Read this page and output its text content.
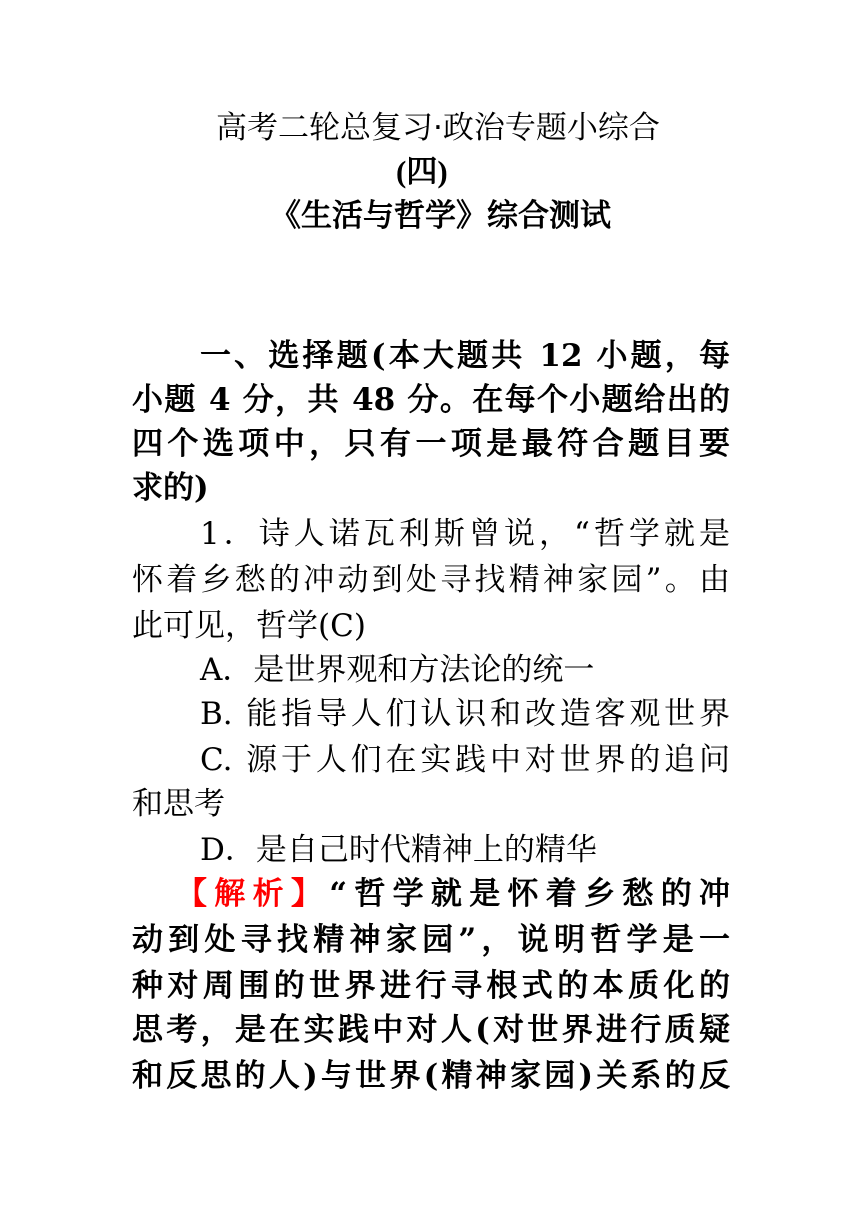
高考二轮总复习·政治专题小综合
(四)
《生活与哲学》综合测试
一、选择题(本大题共 12 小题，每
小题 4 分，共 48 分。在每个小题给出的
四个选项中，只有一项是最符合题目要
求的)
1．诗人诺瓦利斯曾说，“哲学就是
怀着乡愁的冲动到处寻找精神家园”。由
此可见，哲学(C)
A．是世界观和方法论的统一
B. 能指导人们认识和改造客观世界
C. 源于人们在实践中对世界的追问
和思考
D．是自己时代精神上的精华
【解析】“哲学就是怀着乡愁的冲
动到处寻找精神家园”，说明哲学是一
种对周围的世界进行寻根式的本质化的
思考，是在实践中对人(对世界进行质疑
和反思的人)与世界(精神家园)关系的反
